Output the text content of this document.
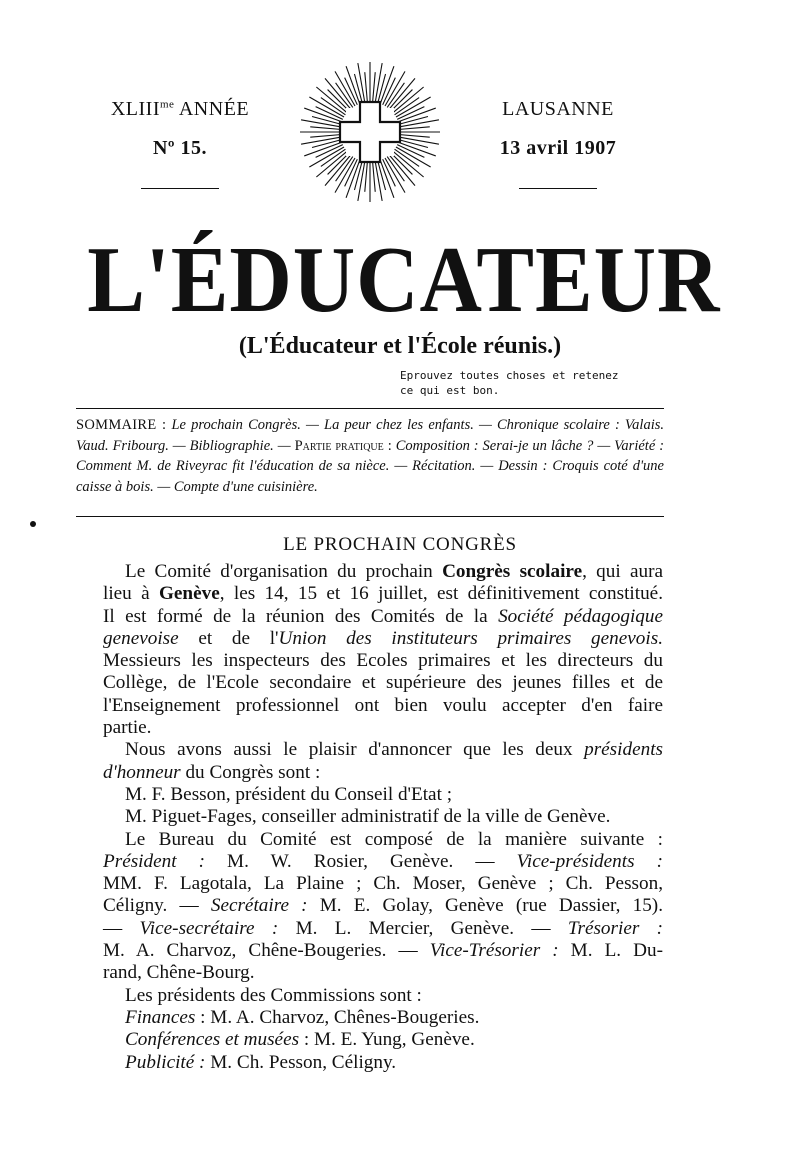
$XLIII^{me}$ ANNÉE
Nº 15.
LAUSANNE
13 avril 1907
L'ÉDUCATEUR
(L'Éducateur et l'École réunis.)
Eprouvez toutes choses et retenez
ce qui est bon.
SOMMAIRE : Le prochain Congrès. — La peur chez les enfants. — Chronique scolaire : Valais. Vaud. Fribourg. — Bibliographie. — Partie pratique : Composition : Serai-je un lâche ? — Variété : Comment M. de Riveyrac fit l'éducation de sa nièce. — Récitation. — Dessin : Croquis coté d'une caisse à bois. — Compte d'une cuisinière.
LE PROCHAIN CONGRÈS
Le Comité d'organisation du prochain Congrès scolaire, qui aura
lieu à Genève, les 14, 15 et 16 juillet, est définitivement constitué.
Il est formé de la réunion des Comités de la Société pédagogique
genevoise et de l'Union des instituteurs primaires genevois.
Messieurs les inspecteurs des Ecoles primaires et les directeurs du
Collège, de l'Ecole secondaire et supérieure des jeunes filles et de
l'Enseignement professionnel ont bien voulu accepter d'en faire
partie.
Nous avons aussi le plaisir d'annoncer que les deux présidents
d'honneur du Congrès sont :
M. F. Besson, président du Conseil d'Etat ;
M. Piguet-Fages, conseiller administratif de la ville de Genève.
Le Bureau du Comité est composé de la manière suivante :
Président : M. W. Rosier, Genève. — Vice-présidents :
MM. F. Lagotala, La Plaine ; Ch. Moser, Genève ; Ch. Pesson,
Céligny. — Secrétaire : M. E. Golay, Genève (rue Dassier, 15).
— Vice-secrétaire : M. L. Mercier, Genève. — Trésorier :
M. A. Charvoz, Chêne-Bougeries. — Vice-Trésorier : M. L. Du-
rand, Chêne-Bourg.
Les présidents des Commissions sont :
Finances : M. A. Charvoz, Chênes-Bougeries.
Conférences et musées : M. E. Yung, Genève.
Publicité : M. Ch. Pesson, Céligny.
